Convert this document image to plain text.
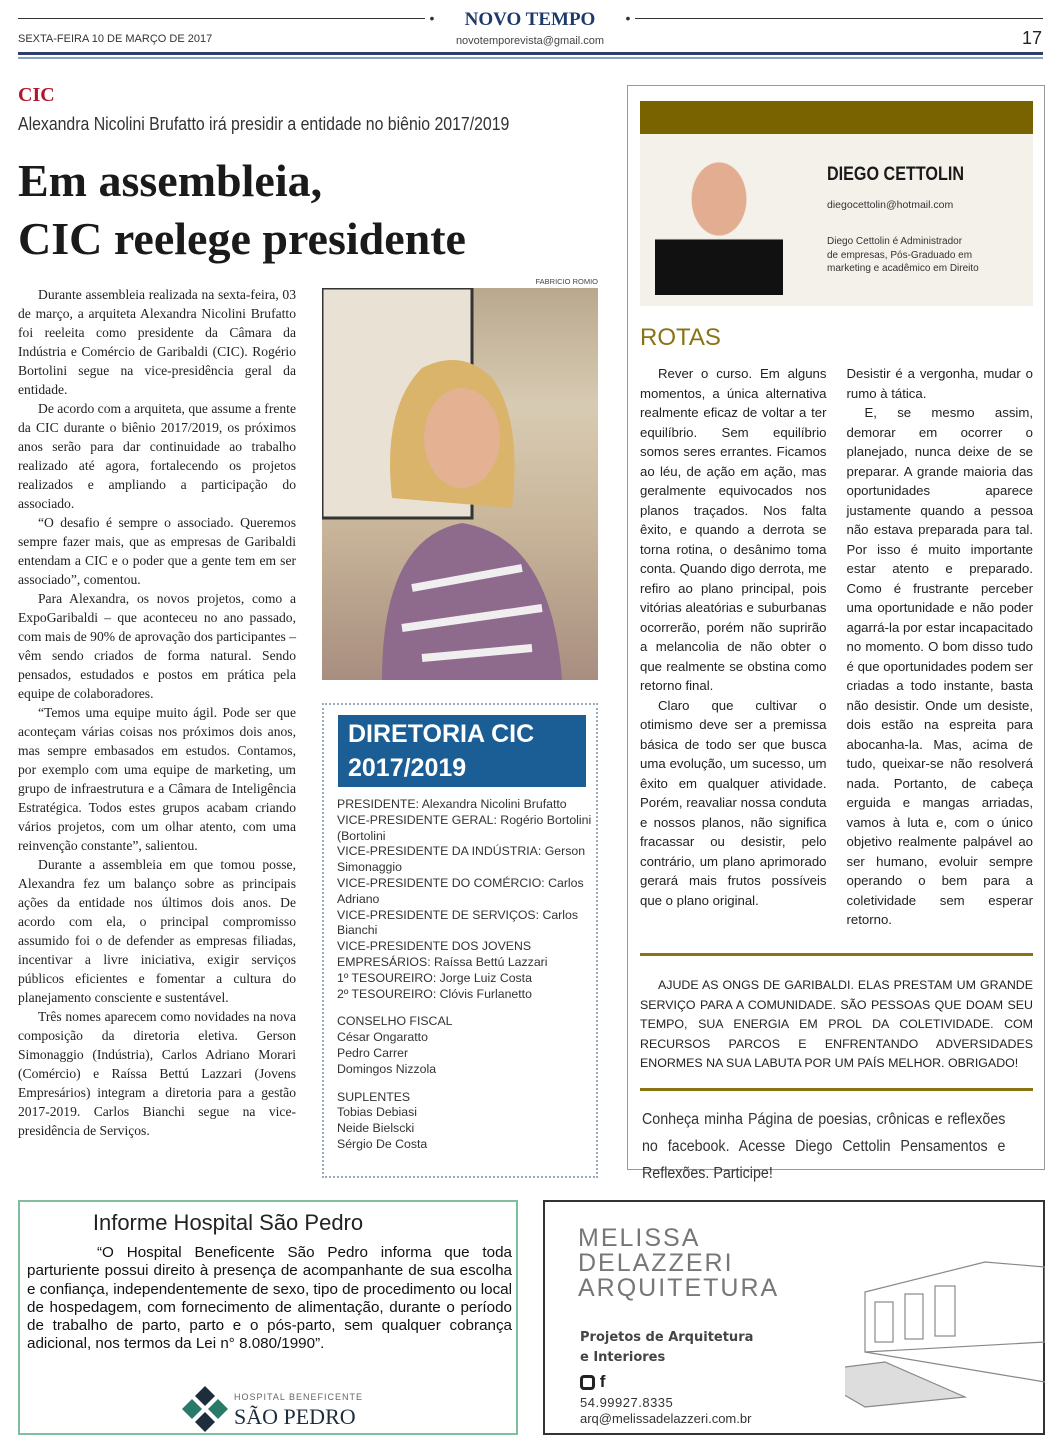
•	NOVO TEMPO	•
SEXTA-FEIRA 10 DE MARÇO DE 2017	novotemporevista@gmail.com	17
CIC
Alexandra Nicolini Brufatto irá presidir a entidade no biênio 2017/2019
Em assembleia,
CIC reelege presidente

Durante assembleia realizada na sexta-feira, 03 de março, a arquiteta Alexandra Nicolini Brufatto foi reeleita como presidente da Câmara da Indústria e Comércio de Garibaldi (CIC). Rogério Bortolini segue na vice-presidência geral da entidade.

De acordo com a arquiteta, que assume a frente da CIC durante o biênio 2017/2019, os próximos anos serão para dar continuidade ao trabalho realizado até agora, fortalecendo os projetos realizados e ampliando a participação do associado.

“O desafio é sempre o associado. Queremos sempre fazer mais, que as empresas de Garibaldi entendam a CIC e o poder que a gente tem em ser associado”, comentou.

Para Alexandra, os novos projetos, como a ExpoGaribaldi – que aconteceu no ano passado, com mais de 90% de aprovação dos participantes – vêm sendo criados de forma natural. Sendo pensados, estudados e postos em prática pela equipe de colaboradores.

“Temos uma equipe muito ágil. Pode ser que aconteçam várias coisas nos próximos dois anos, mas sempre embasados em estudos. Contamos, por exemplo com uma equipe de marketing, um grupo de infraestrutura e a Câmara de Inteligência Estratégica. Todos estes grupos acabam criando vários projetos, com um olhar atento, com uma reinvenção constante”, salientou.

Durante a assembleia em que tomou posse, Alexandra fez um balanço sobre as principais ações da entidade nos últimos dois anos. De acordo com ela, o principal compromisso assumido foi o de defender as empresas filiadas, incentivar a livre iniciativa, exigir serviços públicos eficientes e fomentar a cultura do planejamento consciente e sustentável.

Três nomes aparecem como novidades na nova composição da diretoria eletiva. Gerson Simonaggio (Indústria), Carlos Adriano Morari (Comércio) e Raíssa Bettú Lazzari (Jovens Empresários) integram a diretoria para a gestão 2017-2019. Carlos Bianchi segue na vice-presidência de Serviços.

FABRICIO ROMIO
DIRETORIA CIC
2017/2019
PRESIDENTE: Alexandra Nicolini Brufatto
VICE-PRESIDENTE GERAL: Rogério Bortolini (Bortolini
VICE-PRESIDENTE DA INDÚSTRIA: Gerson Simonaggio
VICE-PRESIDENTE DO COMÉRCIO: Carlos Adriano
VICE-PRESIDENTE DE SERVIÇOS: Carlos Bianchi
VICE-PRESIDENTE DOS JOVENS EMPRESÁRIOS: Raíssa Bettú Lazzari
1º TESOUREIRO: Jorge Luiz Costa
2º TESOUREIRO: Clóvis Furlanetto
CONSELHO FISCAL
César Ongaratto
Pedro Carrer
Domingos Nizzola
SUPLENTES
Tobias Debiasi
Neide Bielscki
Sérgio De Costa
DIEGO CETTOLIN
diegocettolin@hotmail.com
Diego Cettolin é Administrador
de empresas, Pós-Graduado em
marketing e acadêmico em Direito
ROTAS

Rever o curso. Em alguns momentos, a única alternativa realmente eficaz de voltar a ter equilíbrio. Sem equilíbrio somos seres errantes. Ficamos ao léu, de ação em ação, mas geralmente equivocados nos planos traçados. Nos falta êxito, e quando a derrota se torna rotina, o desânimo toma conta. Quando digo derrota, me refiro ao plano principal, pois vitórias aleatórias e suburbanas ocorrerão, porém não suprirão a melancolia de não obter o que realmente se obstina como retorno final.

Claro que cultivar o otimismo deve ser a premissa básica de todo ser que busca uma evolução, um sucesso, um êxito em qualquer atividade. Porém, reavaliar nossa conduta e nossos planos, não significa fracassar ou desistir, pelo contrário, um plano aprimorado gerará mais frutos possíveis que o plano original.

Desistir é a vergonha, mudar o rumo à tática.

E, se mesmo assim, demorar em ocorrer o planejado, nunca deixe de se preparar. A grande maioria das oportunidades aparece justamente quando a pessoa não estava preparada para tal. Por isso é muito importante estar atento e preparado. Como é frustrante perceber uma oportunidade e não poder agarrá-la por estar incapacitado no momento. O bom disso tudo é que oportunidades podem ser criadas a todo instante, basta não desistir. Onde um desiste, dois estão na espreita para abocanha-la. Mas, acima de tudo, queixar-se não resolverá nada. Portanto, de cabeça erguida e mangas arriadas, vamos à luta e, com o único objetivo realmente palpável ao ser humano, evoluir sempre operando o bem para a coletividade sem esperar retorno.

AJUDE AS ONGS DE GARIBALDI. ELAS PRESTAM UM GRANDE SERVIÇO PARA A COMUNIDADE. SÃO PESSOAS QUE DOAM SEU TEMPO, SUA ENERGIA EM PROL DA COLETIVIDADE. COM RECURSOS PARCOS E ENFRENTANDO ADVERSIDADES ENORMES NA SUA LABUTA POR UM PAÍS MELHOR. OBRIGADO!
Conheça minha Página de poesias, crônicas e reflexões no facebook. Acesse Diego Cettolin Pensamentos e Reflexões. Participe!
Informe Hospital São Pedro
“O Hospital Beneficente São Pedro informa que toda parturiente possui direito à presença de acompanhante de sua escolha e confiança, independentemente de sexo, tipo de procedimento ou local de hospedagem, com fornecimento de alimentação, durante o período de trabalho de parto, parto e o pós-parto, sem qualquer cobrança adicional, nos termos da Lei n° 8.080/1990”.
HOSPITAL BENEFICENTE
SÃO PEDRO
MELISSA
DELAZZERI
ARQUITETURA
Projetos de Arquitetura
e Interiores
f
54.99927.8335
arq@melissadelazzeri.com.br
